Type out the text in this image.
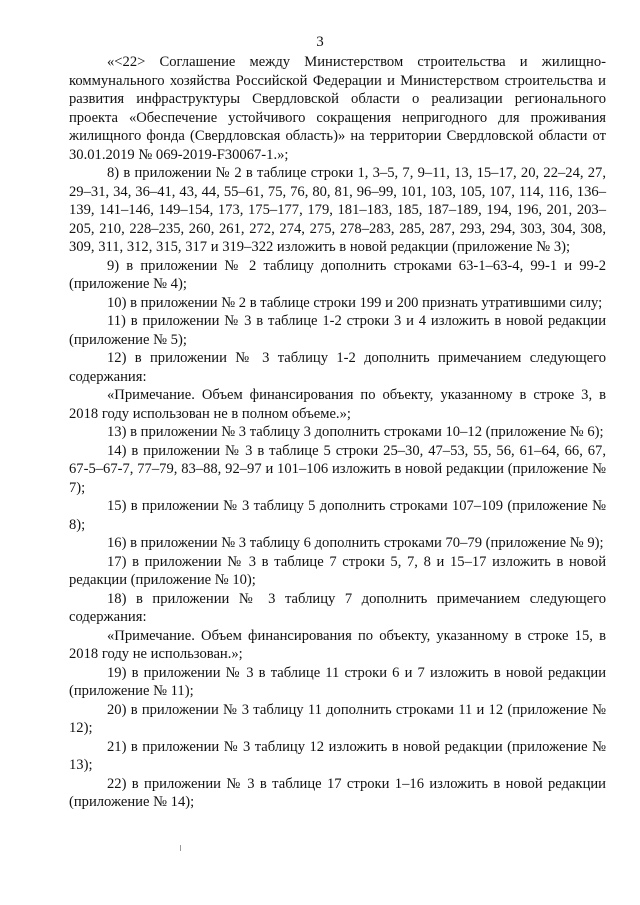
3

«<22> Соглашение между Министерством строительства и жилищно-коммунального хозяйства Российской Федерации и Министерством строительства и развития инфраструктуры Свердловской области о реализации регионального проекта «Обеспечение устойчивого сокращения непригодного для проживания жилищного фонда (Свердловская область)» на территории Свердловской области от 30.01.2019 № 069-2019-F30067-1.»;

8) в приложении № 2 в таблице строки 1, 3–5, 7, 9–11, 13, 15–17, 20, 22–24, 27, 29–31, 34, 36–41, 43, 44, 55–61, 75, 76, 80, 81, 96–99, 101, 103, 105, 107, 114, 116, 136–139, 141–146, 149–154, 173, 175–177, 179, 181–183, 185, 187–189, 194, 196, 201, 203–205, 210, 228–235, 260, 261, 272, 274, 275, 278–283, 285, 287, 293, 294, 303, 304, 308, 309, 311, 312, 315, 317 и 319–322 изложить в новой редакции (приложение № 3);

9) в приложении № 2 таблицу дополнить строками 63-1–63-4, 99-1 и 99-2 (приложение № 4);

10) в приложении № 2 в таблице строки 199 и 200 признать утратившими силу;

11) в приложении № 3 в таблице 1-2 строки 3 и 4 изложить в новой редакции (приложение № 5);

12) в приложении № 3 таблицу 1-2 дополнить примечанием следующего содержания:

«Примечание. Объем финансирования по объекту, указанному в строке 3, в 2018 году использован не в полном объеме.»;

13) в приложении № 3 таблицу 3 дополнить строками 10–12 (приложение № 6);

14) в приложении № 3 в таблице 5 строки 25–30, 47–53, 55, 56, 61–64, 66, 67, 67-5–67-7, 77–79, 83–88, 92–97 и 101–106 изложить в новой редакции (приложение № 7);

15) в приложении № 3 таблицу 5 дополнить строками 107–109 (приложение № 8);

16) в приложении № 3 таблицу 6 дополнить строками 70–79 (приложение № 9);

17) в приложении № 3 в таблице 7 строки 5, 7, 8 и 15–17 изложить в новой редакции (приложение № 10);

18) в приложении № 3 таблицу 7 дополнить примечанием следующего содержания:

«Примечание. Объем финансирования по объекту, указанному в строке 15, в 2018 году не использован.»;

19) в приложении № 3 в таблице 11 строки 6 и 7 изложить в новой редакции (приложение № 11);

20) в приложении № 3 таблицу 11 дополнить строками 11 и 12 (приложение № 12);

21) в приложении № 3 таблицу 12 изложить в новой редакции (приложение № 13);

22) в приложении № 3 в таблице 17 строки 1–16 изложить в новой редакции (приложение № 14);
